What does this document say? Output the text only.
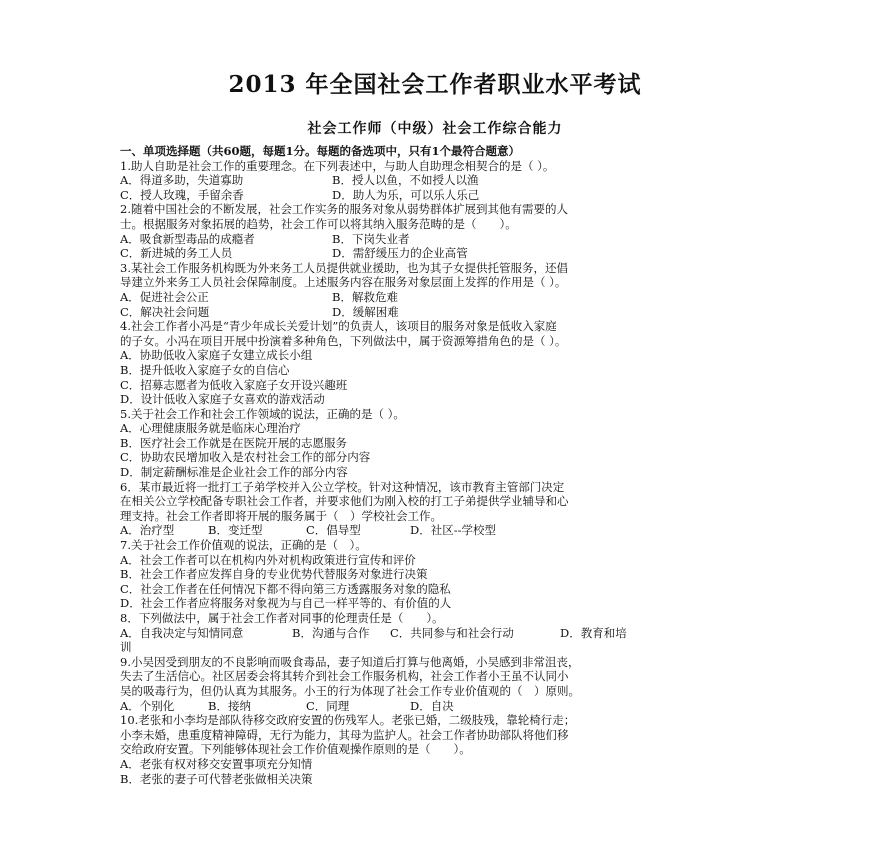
2013 年全国社会工作者职业水平考试
社会工作师（中级）社会工作综合能力
一、单项选择题（共60题，每题1分。每题的备选项中，只有1个最符合题意）
1.助人自助是社会工作的重要理念。在下列表述中，与助人自助理念相契合的是（ ）。
A．得道多助，失道寡助	B．授人以鱼，不如授人以渔
C．授人玫瑰，手留余香	D．助人为乐，可以乐人乐己
2.随着中国社会的不断发展，社会工作实务的服务对象从弱势群体扩展到其他有需要的人
士。根据服务对象拓展的趋势，社会工作可以将其纳入服务范畴的是（　　）。
A．吸食新型毒品的成瘾者	B．下岗失业者
C．新进城的务工人员	D．需舒缓压力的企业高管
3.某社会工作服务机构既为外来务工人员提供就业援助，也为其子女提供托管服务，还倡
导建立外来务工人员社会保障制度。上述服务内容在服务对象层面上发挥的作用是（ ）。
A．促进社会公正	B．解救危难
C．解决社会问题	D．缓解困难
4.社会工作者小冯是“青少年成长关爱计划”的负责人，该项目的服务对象是低收入家庭
的子女。小冯在项目开展中扮演着多种角色，下列做法中，属于资源筹措角色的是（ ）。
A．协助低收入家庭子女建立成长小组
B．提升低收入家庭子女的自信心
C．招募志愿者为低收入家庭子女开设兴趣班
D．设计低收入家庭子女喜欢的游戏活动
5.关于社会工作和社会工作领域的说法，正确的是（ ）。
A．心理健康服务就是临床心理治疗
B．医疗社会工作就是在医院开展的志愿服务
C．协助农民增加收入是农村社会工作的部分内容
D．制定薪酬标准是企业社会工作的部分内容
6．某市最近将一批打工子弟学校并入公立学校。针对这种情况，该市教育主管部门决定
在相关公立学校配备专职社会工作者，并要求他们为刚入校的打工子弟提供学业辅导和心
理支持。社会工作者即将开展的服务属于（　）学校社会工作。
A．治疗型	B．变迁型	C．倡导型	D．社区--学校型
7.关于社会工作价值观的说法，正确的是（　）。
A．社会工作者可以在机构内外对机构政策进行宣传和评价
B．社会工作者应发挥自身的专业优势代替服务对象进行决策
C．社会工作者在任何情况下都不得向第三方透露服务对象的隐私
D．社会工作者应将服务对象视为与自己一样平等的、有价值的人
8．下列做法中，属于社会工作者对同事的伦理责任是（　　）。
A．自我决定与知情同意	B．沟通与合作 C．共同参与和社会行动	D．教育和培
训
9.小吴因受到朋友的不良影响而吸食毒品，妻子知道后打算与他离婚，小吴感到非常沮丧，
失去了生活信心。社区居委会将其转介到社会工作服务机构，社会工作者小王虽不认同小
吴的吸毒行为，但仍认真为其服务。小王的行为体现了社会工作专业价值观的（　）原则。
A．个别化	B．接纳	C．同理	D．自决
10.老张和小李均是部队待移交政府安置的伤残军人。老张已婚，二级肢残，靠轮椅行走；
小李未婚，患重度精神障碍，无行为能力，其母为监护人。社会工作者协助部队将他们移
交给政府安置。下列能够体现社会工作价值观操作原则的是（　　）。
A．老张有权对移交安置事项充分知情
B．老张的妻子可代替老张做相关决策
